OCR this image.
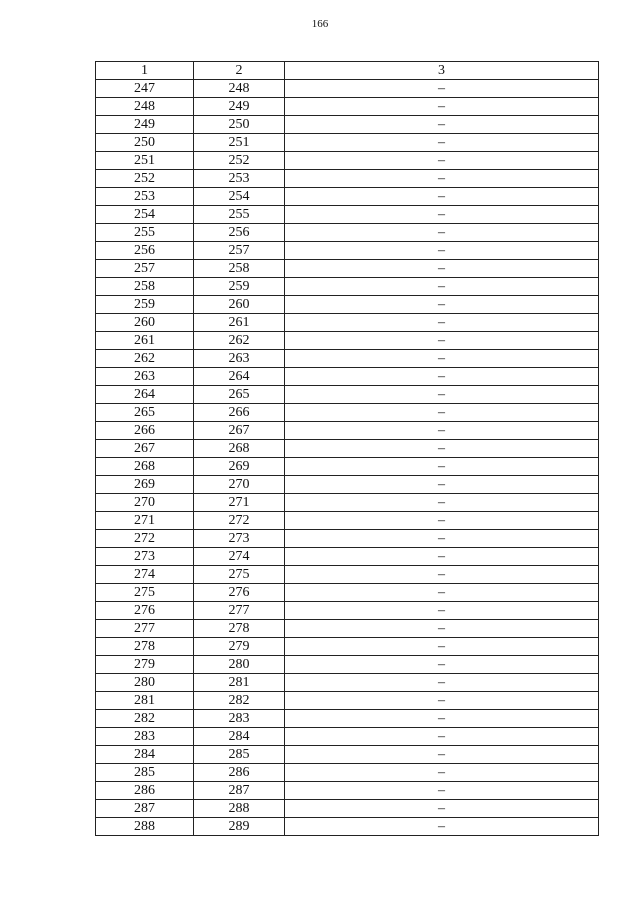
166
1	2	3
247	248	–
248	249	–
249	250	–
250	251	–
251	252	–
252	253	–
253	254	–
254	255	–
255	256	–
256	257	–
257	258	–
258	259	–
259	260	–
260	261	–
261	262	–
262	263	–
263	264	–
264	265	–
265	266	–
266	267	–
267	268	–
268	269	–
269	270	–
270	271	–
271	272	–
272	273	–
273	274	–
274	275	–
275	276	–
276	277	–
277	278	–
278	279	–
279	280	–
280	281	–
281	282	–
282	283	–
283	284	–
284	285	–
285	286	–
286	287	–
287	288	–
288	289	–
